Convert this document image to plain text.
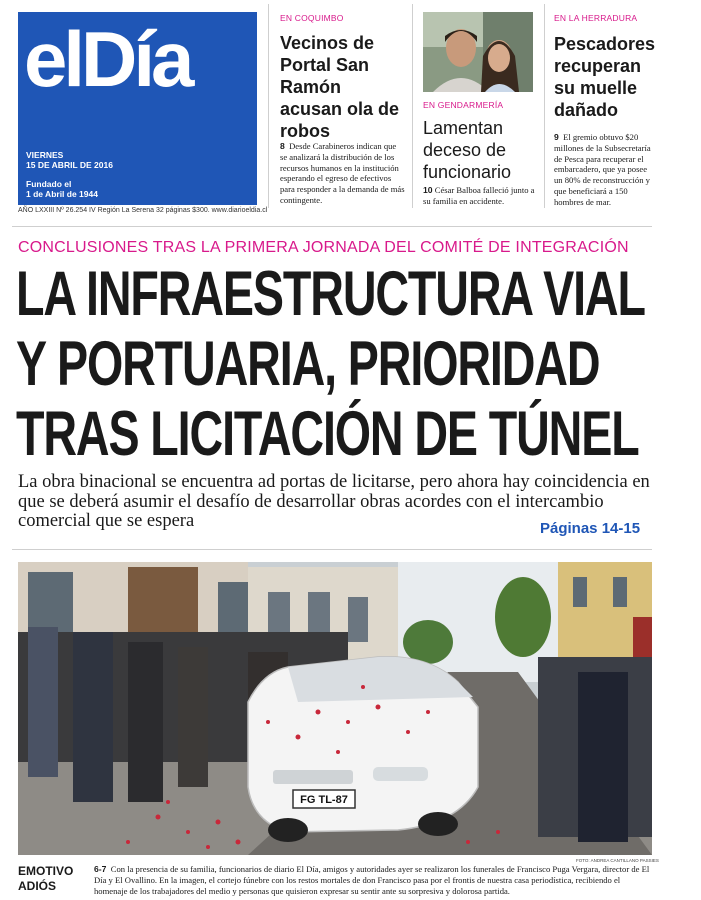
elDía
VIERNES
15 DE ABRIL DE 2016
Fundado el
1 de Abril de 1944
AÑO LXXIII Nº 26.254 IV Región La Serena 32 páginas $300. www.diarioeldia.cl
EN COQUIMBO
Vecinos de Portal San Ramón acusan ola de robos
8 Desde Carabineros indican que se analizará la distribución de los recursos humanos en la institución esperando el egreso de efectivos para responder a la demanda de más contingente.
EN GENDARMERÍA
Lamentan deceso de funcionario
10 César Balboa falleció junto a su familia en accidente.
EN LA HERRADURA
Pescadores recuperan su muelle dañado
9 El gremio obtuvo $20 millones de la Subsecretaría de Pesca para recuperar el embarcadero, que ya posee un 80% de reconstrucción y que beneficiará a 150 hombres de mar.
CONCLUSIONES TRAS LA PRIMERA JORNADA DEL COMITÉ DE INTEGRACIÓN
LA INFRAESTRUCTURA VIAL
Y PORTUARIA, PRIORIDAD
TRAS LICITACIÓN DE TÚNEL
La obra binacional se encuentra ad portas de licitarse, pero ahora hay coincidencia en que se deberá asumir el desafío de desarrollar obras acordes con el intercambio comercial que se espera	Páginas 14-15
FG TL-87
FOTO: ANDREA CANTILLANO PASSIES
EMOTIVO
ADIÓS
6-7 Con la presencia de su familia, funcionarios de diario El Día, amigos y autoridades ayer se realizaron los funerales de Francisco Puga Vergara, director de El Día y El Ovallino. En la imagen, el cortejo fúnebre con los restos mortales de don Francisco pasa por el frontis de nuestra casa periodística, recibiendo el homenaje de los trabajadores del medio y personas que quisieron expresar su sentir ante su sorpresiva y dolorosa partida.
